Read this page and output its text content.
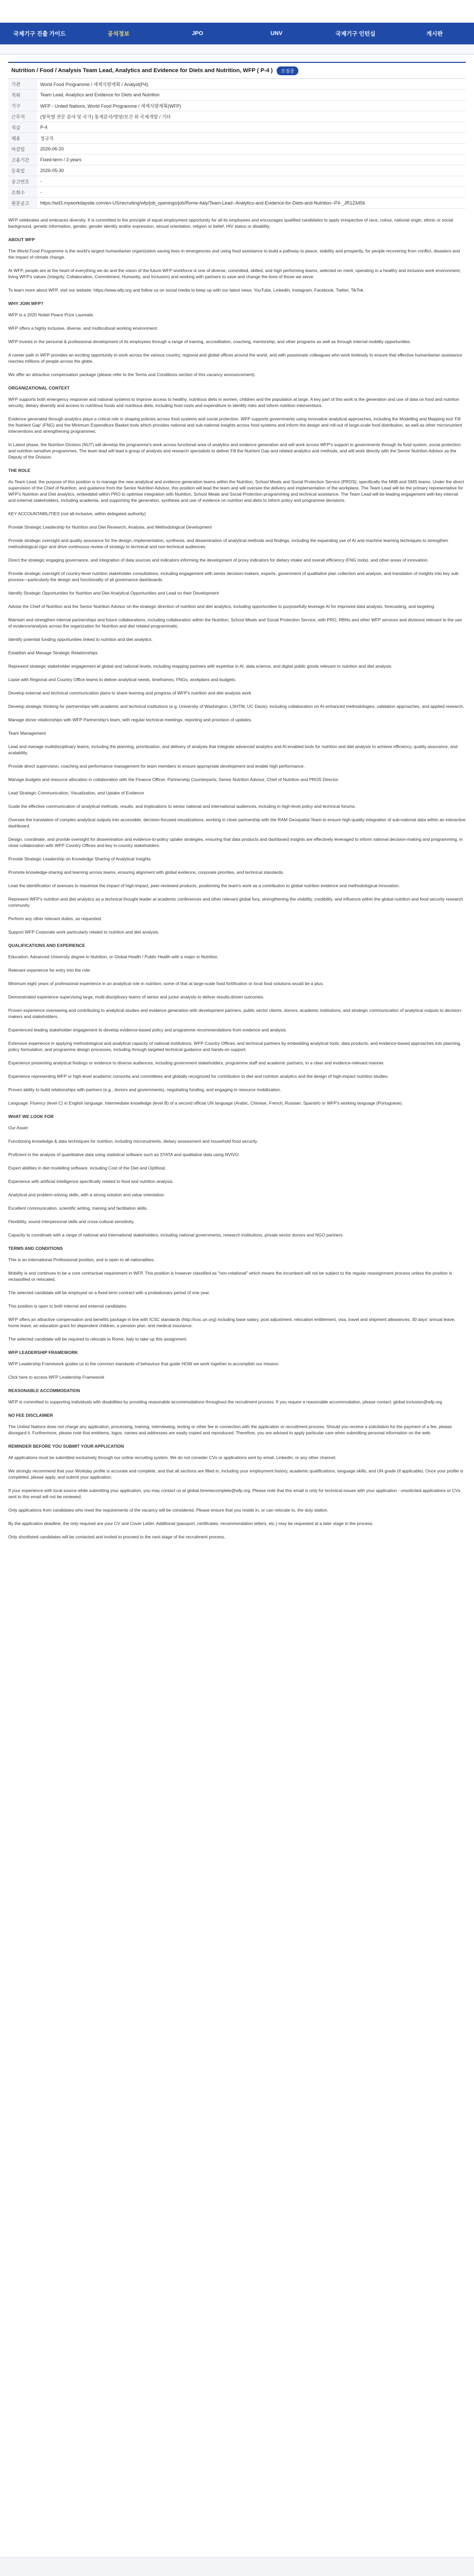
국제기구 진출 가이드	공석정보	JPO	UNV	국제기구 인턴십	게시판
Nutrition / Food / Analysis Team Lead, Analytics and Evidence for Diets and Nutrition, WFP ( P-4 )	모집중
기관	World Food Programme / 세계식량계획 / Analyst(P4)
직위	Team Lead, Analytics and Evidence for Diets and Nutrition
기구	WFP - United Nations, World Food Programme / 세계식량계획(WFP)
근무지	(항목별 전문 분야 및 국가) 통계분석/영양/보건 외 국제개발 / 기타
직급	P-4
채용	정규직
마감일	2026-06-20
고용기간	Fixed-term / 3 years
등록일	2026-05-30
공고번호	-
조회수	-
원문공고	https://wd3.myworkdaysite.com/en-US/recruiting/wfp/job_openings/job/Rome-Italy/Team-Lead--Analytics-and-Evidence-for-Diets-and-Nutrition--P4-_JR123456

WFP celebrates and embraces diversity. It is committed to the principle of equal employment opportunity for all its employees and encourages qualified candidates to apply irrespective of race, colour, national origin, ethnic or social background, genetic information, gender, gender identity and/or expression, sexual orientation, religion or belief, HIV status or disability.

ABOUT WFP

The World Food Programme is the world's largest humanitarian organization saving lives in emergencies and using food assistance to build a pathway to peace, stability and prosperity, for people recovering from conflict, disasters and the impact of climate change.

At WFP, people are at the heart of everything we do and the vision of the future WFP workforce is one of diverse, committed, skilled, and high performing teams, selected on merit, operating in a healthy and inclusive work environment, living WFP's values (Integrity, Collaboration, Commitment, Humanity, and Inclusion) and working with partners to save and change the lives of those we serve.

To learn more about WFP, visit our website: https://www.wfp.org and follow us on social media to keep up with our latest news: YouTube, LinkedIn, Instagram, Facebook, Twitter, TikTok.

WHY JOIN WFP?

WFP is a 2020 Nobel Peace Prize Laureate.

WFP offers a highly inclusive, diverse, and multicultural working environment.

WFP invests in the personal & professional development of its employees through a range of training, accreditation, coaching, mentorship, and other programs as well as through internal mobility opportunities.

A career path in WFP provides an exciting opportunity to work across the various country, regional and global offices around the world, and with passionate colleagues who work tirelessly to ensure that effective humanitarian assistance reaches millions of people across the globe.

We offer an attractive compensation package (please refer to the Terms and Conditions section of this vacancy announcement).

ORGANIZATIONAL CONTEXT

WFP supports both emergency response and national systems to improve access to healthy, nutritious diets in women, children and the population at large. A key part of this work is the generation and use of data on food and nutrition security, dietary diversity and access to nutritious foods and nutritious diets, including food costs and expenditure to identify risks and inform nutrition interventions.

Evidence generated through analytics plays a critical role in shaping policies across food systems and social protection. WFP supports governments using innovative analytical approaches, including the Modelling and Mapping tool 'Fill the Nutrient Gap' (FNG) and the Minimum Expenditure Basket tools which provides national and sub-national insights across food systems and inform the design and roll-out of large-scale food distribution, as well as other micronutrient interventions and strengthening programmes.

In Latest phase, the Nutrition Division (NUT) will develop the programme's work across functional area of analytics and evidence generation and will work across WFP's support to governments through its food system, social protection and nutrition-sensitive programmes. The team lead will lead a group of analysts and research specialists to deliver Fill the Nutrient Gap and related analytics and methods, and will work directly with the Senior Nutrition Advisor as the Deputy of the Division.

THE ROLE

As Team Lead, the purpose of this position is to manage the new analytical and evidence generation teams within the Nutrition, School Meals and Social Protection Service (PROS), specifically the NNB and SMS teams. Under the direct supervision of the Chief of Nutrition, and guidance from the Senior Nutrition Advisor, this position will lead the team and will oversee the delivery and implementation of the workplans. The Team Lead will be the primary representative for WFP's Nutrition and Diet analytics, embedded within PRO to optimise integration with Nutrition, School Meals and Social Protection programming and technical assistance. The Team Lead will be leading engagement with key internal and external stakeholders, including academia, and supporting the generation, synthesis and use of evidence on nutrition and diets to inform policy and programme decisions.

KEY ACCOUNTABILITIES (not all-inclusive, within delegated authority)

Provide Strategic Leadership for Nutrition and Diet Research, Analysis, and Methodological Development

Provide strategic oversight and quality assurance for the design, implementation, synthesis, and dissemination of analytical methods and findings, including the expanding use of AI and machine learning techniques to strengthen methodological rigor and drive continuous review of strategy to technical and non-technical audiences.

Direct the strategic engaging governance, and integration of data sources and indicators informing the development of proxy indicators for dietary intake and overall efficiency (FNG tools), and other areas of innovation.

Provide strategic oversight of country-level nutrition stakeholder consultations, including engagement with senior decision-makers, experts, government of qualitative plan collection and analysis, and translation of insights into key sub-process—particularly the design and functionality of all governance dashboards.

Identify Strategic Opportunities for Nutrition and Diet Analytical Opportunities and Lead on their Development

Advise the Chief of Nutrition and the Senior Nutrition Advisor on the strategic direction of nutrition and diet analytics, including opportunities to purposefully leverage AI for improved data analysis, forecasting, and targeting.

Maintain and strengthen internal partnerships and future collaborations, including collaboration within the Nutrition, School Meals and Social Protection Service, with PRO, RBNs and other WFP services and divisions relevant to the use of evidence/analysis across the organization for Nutrition and diet related programmatic.

Identify potential funding opportunities linked to nutrition and diet analytics.

Establish and Manage Strategic Relationships

Represent strategic stakeholder engagement at global and national levels, including mapping partners with expertise in AI, data science, and digital public goods relevant to nutrition and diet analysis.

Liaise with Regional and Country Office teams to deliver analytical needs, timeframes, FNGs, workplans and budgets.

Develop external and technical communication plans to share learning and progress of WFP's nutrition and diet analysis work.

Develop strategic thinking for partnerships with academic and technical institutions (e.g. University of Washington, LSHTM, UC Davis), including collaboration on AI-enhanced methodologies, validation approaches, and applied research.

Manage donor relationships with WFP Partnership's team, with regular technical meetings, reporting and provision of updates.

Team Management

Lead and manage multidisciplinary teams, including the planning, prioritization, and delivery of analysis that integrate advanced analytics and AI-enabled tools for nutrition and diet analysis to achieve efficiency, quality assurance, and scalability.

Provide direct supervision, coaching and performance management for team members to ensure appropriate development and enable high performance.

Manage budgets and resource allocation in collaboration with the Finance Officer, Partnership Counterparts, Senior Nutrition Advisor, Chief of Nutrition and PROS Director.

Lead Strategic Communication, Visualization, and Uptake of Evidence

Guide the effective communication of analytical methods, results, and implications to senior national and international audiences, including in high-level policy and technical forums.

Oversee the translation of complex analytical outputs into accessible, decision-focused visualizations, working in close partnership with the RAM Geospatial Team to ensure high-quality integration of sub-national data within an interactive dashboard.

Design, coordinate, and provide oversight for dissemination and evidence-to-policy uptake strategies, ensuring that data products and dashboard insights are effectively leveraged to inform national decision-making and programming, in close collaboration with WFP Country Offices and key in-country stakeholders.

Provide Strategic Leadership on Knowledge Sharing of Analytical Insights

Promote knowledge-sharing and learning across teams, ensuring alignment with global evidence, corporate priorities, and technical standards.

Lead the identification of avenues to maximise the impact of high-impact, peer-reviewed products, positioning the team's work as a contribution to global nutrition evidence and methodological innovation.

Represent WFP's nutrition and diet analytics as a technical thought leader at academic conferences and other relevant global fora, strengthening the visibility, credibility, and influence within the global nutrition and food security research community.

Perform any other relevant duties, as requested.

Support WFP Corporate work particularly related to nutrition and diet analysis.

QUALIFICATIONS AND EXPERIENCE

Education: Advanced University degree in Nutrition, or Global Health / Public Health with a major in Nutrition.

Relevant experience for entry into the role:

Minimum eight years of professional experience in an analytical role in nutrition; some of that at large-scale food fortification or local food solutions would be a plus.

Demonstrated experience supervising large, multi-disciplinary teams of senior and junior analysts to deliver results-driven outcomes.

Proven experience overseeing and contributing to analytical studies and evidence generation with development partners, public sector clients, donors, academic institutions, and strategic communication of analytical outputs to decision-makers and stakeholders.

Experienced leading stakeholder engagement to develop evidence-based policy and programme recommendations from evidence and analysis.

Extensive experience in applying methodological and analytical capacity of national institutions, WFP Country Offices, and technical partners by embedding analytical tools, data products, and evidence-based approaches into planning, policy formulation, and programme design processes, including through targeted technical guidance and hands-on support.

Experience presenting analytical findings or evidence to diverse audiences, including government stakeholders, programme staff and academic partners, in a clear and evidence-relevant manner.

Experience representing WFP or high-level academic consortia and committees and globally recognized for contribution to diet and nutrition analytics and the design of high-impact nutrition studies.

Proven ability to build relationships with partners (e.g., donors and governments), negotiating funding, and engaging in resource mobilization.

Language: Fluency (level C) in English language. Intermediate knowledge (level B) of a second official UN language (Arabic, Chinese, French, Russian, Spanish) or WFP's working language (Portuguese).

WHAT WE LOOK FOR

Our Asset:

Functioning knowledge & data techniques for nutrition, including micronutrients, dietary assessment and household food security.

Proficient in the analysis of quantitative data using statistical software such as STATA and qualitative data using NVIVO.

Expert abilities in diet modelling software, including Cost of the Diet and Optifood.

Experience with artificial intelligence specifically related to food and nutrition analysis.

Analytical and problem-solving skills, with a strong solution and value orientation.

Excellent communication, scientific writing, training and facilitation skills.

Flexibility, sound interpersonal skills and cross-cultural sensitivity.

Capacity to coordinate with a range of national and international stakeholders, including national governments, research institutions, private sector donors and NGO partners.

TERMS AND CONDITIONS

This is an international Professional position, and is open to all nationalities.

Mobility is and continues to be a core contractual requirement in WFP. This position is however classified as "non-rotational" which means the incumbent will not be subject to the regular reassignment process unless the position is reclassified or relocated.

The selected candidate will be employed on a fixed-term contract with a probationary period of one year.

This position is open to both internal and external candidates.

WFP offers an attractive compensation and benefits package in line with ICSC standards (http://icsc.un.org) including base salary, post adjustment, relocation entitlement, visa, travel and shipment allowances, 30 days' annual leave, home leave, an education grant for dependent children, a pension plan, and medical insurance.

The selected candidate will be required to relocate to Rome, Italy to take up this assignment.

WFP LEADERSHIP FRAMEWORK

WFP Leadership Framework guides us to the common standards of behaviour that guide HOW we work together to accomplish our mission.

Click here to access WFP Leadership Framework

REASONABLE ACCOMMODATION

WFP is committed to supporting individuals with disabilities by providing reasonable accommodations throughout the recruitment process. If you require a reasonable accommodation, please contact: global.inclusion@wfp.org

NO FEE DISCLAIMER

The United Nations does not charge any application, processing, training, interviewing, testing or other fee in connection with the application or recruitment process. Should you receive a solicitation for the payment of a fee, please disregard it. Furthermore, please note that emblems, logos, names and addresses are easily copied and reproduced. Therefore, you are advised to apply particular care when submitting personal information on the web.

REMINDER BEFORE YOU SUBMIT YOUR APPLICATION

All applications must be submitted exclusively through our online recruiting system. We do not consider CVs or applications sent by email, LinkedIn, or any other channel.

We strongly recommend that your Workday profile is accurate and complete, and that all sections are filled in, including your employment history, academic qualifications, language skills, and UN grade (if applicable). Once your profile is completed, please apply, and submit your application.

If your experience with local source while submitting your application, you may contact us at global.hiremecomplete@wfp.org. Please note that this email is only for technical issues with your application - unsolicited applications or CVs sent to this email will not be reviewed.

Only applications from candidates who meet the requirements of the vacancy will be considered. Please ensure that you reside in, or can relocate to, the duty station.

By the application deadline, the only required are your CV and Cover Letter. Additional (passport, certificates, recommendation letters, etc.) may be requested at a later stage in the process.

Only shortlisted candidates will be contacted and invited to proceed to the next stage of the recruitment process.
